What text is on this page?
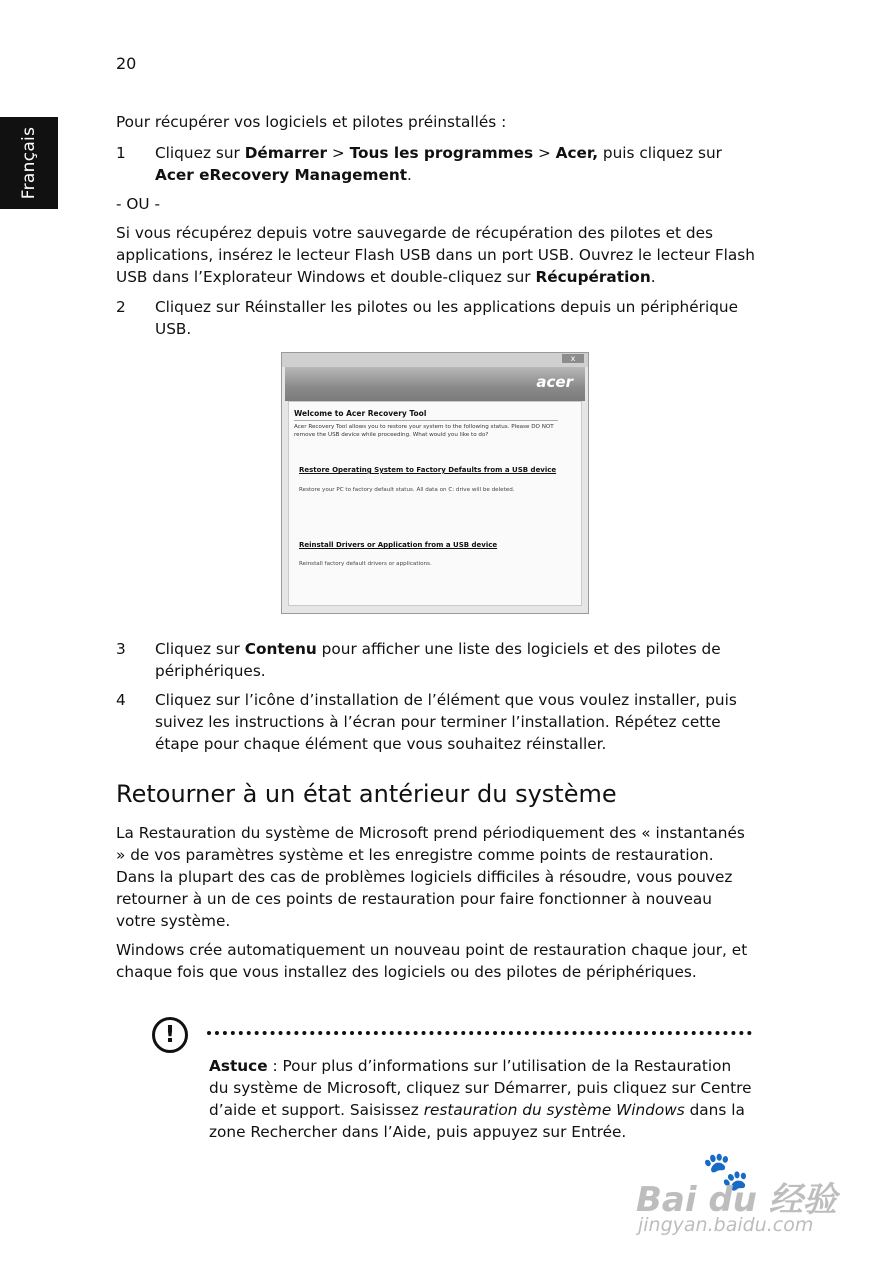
20
Français

Pour récupérer vos logiciels et pilotes préinstallés :

1 Cliquez sur Démarrer > Tous les programmes > Acer, puis cliquez sur Acer eRecovery Management.

- OU -

Si vous récupérez depuis votre sauvegarde de récupération des pilotes et des applications, insérez le lecteur Flash USB dans un port USB. Ouvrez le lecteur Flash USB dans l’Explorateur Windows et double-cliquez sur Récupération.

2 Cliquez sur Réinstaller les pilotes ou les applications depuis un périphérique USB.
x
acer
Welcome to Acer Recovery Tool
Acer Recovery Tool allows you to restore your system to the following status. Please DO NOT remove the USB device while proceeding. What would you like to do?
Restore Operating System to Factory Defaults from a USB device
Restore your PC to factory default status. All data on C: drive will be deleted.
Reinstall Drivers or Application from a USB device
Reinstall factory default drivers or applications.
3 Cliquez sur Contenu pour afficher une liste des logiciels et des pilotes de périphériques.
4 Cliquez sur l’icône d’installation de l’élément que vous voulez installer, puis suivez les instructions à l’écran pour terminer l’installation. Répétez cette étape pour chaque élément que vous souhaitez réinstaller.
Retourner à un état antérieur du système

La Restauration du système de Microsoft prend périodiquement des « instantanés » de vos paramètres système et les enregistre comme points de restauration. Dans la plupart des cas de problèmes logiciels difficiles à résoudre, vous pouvez retourner à un de ces points de restauration pour faire fonctionner à nouveau votre système.

Windows crée automatiquement un nouveau point de restauration chaque jour, et chaque fois que vous installez des logiciels ou des pilotes de périphériques.

!
Astuce : Pour plus d’informations sur l’utilisation de la Restauration du système de Microsoft, cliquez sur Démarrer, puis cliquez sur Centre d’aide et support. Saisissez restauration du système Windows dans la zone Rechercher dans l’Aide, puis appuyez sur Entrée.
🐾
Bai du 经验
jingyan.baidu.com
